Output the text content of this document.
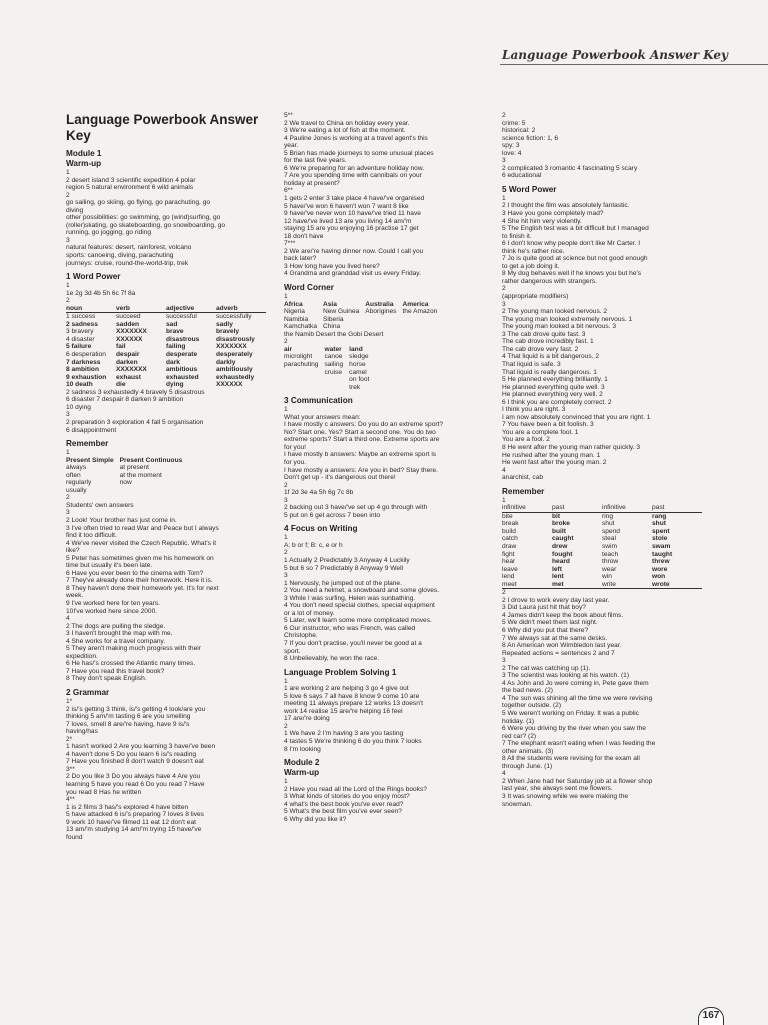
Language Powerbook Answer Key
Language Powerbook Answer Key
Module 1
Warm-up
1
2 desert island 3 scientific expedition 4 polar
region 5 natural environment 6 wild animals
2
go sailing, go skiing, go flying, go parachuting, go
diving
other possibilities: go swimming, go (wind)surfing, go
(roller)skating, go skateboarding, go snowboarding, go
running, go jogging, go riding
3
natural features: desert, rainforest, volcano
sports: canoeing, diving, parachuting
journeys: cruise, round-the-world-trip, trek
1 Word Power
1
1e 2g 3d 4b 5h 6c 7f 8a
2
noun	verb	adjective	adverb
1 success	succeed	successful	successfully
2 sadness	sadden	sad	sadly
3 bravery	XXXXXXX	brave	bravely
4 disaster	XXXXXX	disastrous	disastrously
5 failure	fail	failing	XXXXXXX
6 desperation	despair	desperate	desperately
7 darkness	darken	dark	darkly
8 ambition	XXXXXXX	ambitious	ambitiously
9 exhaustion	exhaust	exhausted	exhaustedly
10 death	die	dying	XXXXXX
2 sadness 3 exhaustedly 4 bravely 5 disastrous
6 disaster 7 despair 8 darken 9 ambition
10 dying
3
2 preparation 3 exploration 4 fall 5 organisation
6 disappointment
Remember
1
Present Simple	Present Continuous
always	at present
often	at the moment
regularly	now
usually	
2
Students' own answers
3
2 Look! Your brother has just come in.
3 I've often tried to read War and Peace but I always
find it too difficult.
4 We've never visited the Czech Republic. What's it
like?
5 Peter has sometimes given me his homework on
time but usually it's been late.
6 Have you ever been to the cinema with Tom?
7 They've already done their homework. Here it is.
8 They haven't done their homework yet. It's for next
week.
9 I've worked here for ten years.
10I've worked here since 2000.
4
2 The dogs are pulling the sledge.
3 I haven't brought the map with me.
4 She works for a travel company.
5 They aren't making much progress with their
expedition.
6 He has/'s crossed the Atlantic many times.
7 Have you read this travel book?
8 They don't speak English.
2 Grammar
1*
2 is/'s getting 3 think, is/'s getting 4 look/are you
thinking 5 am/'m tasting 6 are you smelling
7 loves, smell 8 are/'re having, have 9 is/'s
having/has
2*
1 hasn't worked 2 Are you learning 3 have/'ve been
4 haven't done 5 Do you learn 6 is/'s reading
7 Have you finished 8 don't watch 9 doesn't eat
3**
2 Do you like 3 Do you always have 4 Are you
learning 5 have you read 6 Do you read 7 Have
you read 8 Has he written
4**
1 is 2 films 3 has/'s explored 4 have bitten
5 have attacked 6 is/'s preparing 7 loves 8 lives
9 work 10 have/'ve filmed 11 eat 12 don't eat
13 am/'m studying 14 am/'m trying 15 have/'ve
found
5**
2 We travel to China on holiday every year.
3 We're eating a lot of fish at the moment.
4 Pauline Jones is working at a travel agent's this
year.
5 Brian has made journeys to some unusual places
for the last five years.
6 We're preparing for an adventure holiday now.
7 Are you spending time with cannibals on your
holiday at present?
6**
1 gets 2 enter 3 take place 4 have/'ve organised
5 have/'ve won 6 haven't won 7 want 8 like
9 have/'ve never won 10 have/'ve tried 11 have
12 have/'ve lived 13 are you living 14 am/'m
staying 15 are you enjoying 16 practise 17 get
18 don't have
7***
2 We are/'re having dinner now. Could I call you
back later?
3 How long have you lived here?
4 Grandma and granddad visit us every Friday.
Word Corner
1
Africa	Asia	Australia	America
Nigeria	New Guinea	Aborigines	the Amazon
Namibia	Siberia		
Kamchatka	China		
the Namib Desert the Gobi Desert
2
air	water	land
microlight	canoe	sledge
parachuting	sailing	horse
	cruise	camel
		on foot
		trek
3 Communication
1
What your answers mean:
I have mostly c answers: Do you do an extreme sport?
No? Start one. Yes? Start a second one. You do two
extreme sports? Start a third one. Extreme sports are
for you!
I have mostly b answers: Maybe an extreme sport is
for you.
I have mostly a answers: Are you in bed? Stay there.
Don't get up - it's dangerous out there!
2
1f 2d 3e 4a 5h 6g 7c 8b
3
2 backing out 3 have/'ve set up 4 go through with
5 put on 6 get across 7 been into
4 Focus on Writing
1
A: b or f; B: c, e or h
2
1 Actually 2 Predictably 3 Anyway 4 Luckily
5 but 6 so 7 Predictably 8 Anyway 9 Well
3
1 Nervously, he jumped out of the plane.
2 You need a helmet, a snowboard and some gloves.
3 While I was surfing, Helen was sunbathing.
4 You don't need special clothes, special equipment
or a lot of money.
5 Later, we'll learn some more complicated moves.
6 Our instructor, who was French, was called
Christophe.
7 If you don't practise, you'll never be good at a
sport.
8 Unbelievably, he won the race.
Language Problem Solving 1
1
1 are working 2 are helping 3 go 4 give out
5 love 6 says 7 all have 8 know 9 come 10 are
meeting 11 always prepare 12 works 13 doesn't
work 14 realise 15 are/'re helping 16 feel
17 are/'re doing
2
1 We have 2 I'm having 3 are you tasting
4 tastes 5 We're thinking 6 do you think 7 looks
8 I'm looking
Module 2
Warm-up
1
2 Have you read all the Lord of the Rings books?
3 What kinds of stories do you enjoy most?
4 what's the best book you've ever read?
5 What's the best film you've ever seen?
6 Why did you like it?
2
crime: 5
historical: 2
science fiction: 1, 6
spy: 3
love: 4
3
2 complicated 3 romantic 4 fascinating 5 scary
6 educational
5 Word Power
1
2 I thought the film was absolutely fantastic.
3 Have you gone completely mad?
4 She hit him very violently.
5 The English test was a bit difficult but I managed
to finish it.
6 I don't know why people don't like Mr Carter. I
think he's rather nice.
7 Jo is quite good at science but not good enough
to get a job doing it.
8 My dog behaves well if he knows you but he's
rather dangerous with strangers.
2
(appropriate modifiers)
3
2 The young man looked nervous. 2
The young man looked extremely nervous. 1
The young man looked a bit nervous. 3
3 The cab drove quite fast. 3
The cab drove incredibly fast. 1
The cab drove very fast. 2
4 That liquid is a bit dangerous. 2
That liquid is safe. 3
That liquid is really dangerous. 1
5 He planned everything brilliantly. 1
He planned everything quite well. 3
He planned everything very well. 2
6 I think you are completely correct. 2
I think you are right. 3
I am now absolutely convinced that you are right. 1
7 You have been a bit foolish. 3
You are a complete fool. 1
You are a fool. 2
8 He went after the young man rather quickly. 3
He rushed after the young man. 1
He went fast after the young man. 2
4
anarchist, cab
Remember
1
infinitive	past	infinitive	past
bite	bit	ring	rang
break	broke	shut	shut
build	built	spend	spent
catch	caught	steal	stole
draw	drew	swim	swam
fight	fought	teach	taught
hear	heard	throw	threw
leave	left	wear	wore
lend	lent	win	won
meet	met	write	wrote
2
2 I drove to work every day last year.
3 Did Laura just hit that boy?
4 James didn't keep the book about films.
5 We didn't meet them last night.
6 Why did you put that there?
7 We always sat at the same desks.
8 An American won Wimbledon last year.
Repeated actions = sentences 2 and 7
3
2 The cat was catching up (1).
3 The scientist was looking at his watch. (1)
4 As John and Jo were coming in, Pete gave them
the bad news. (2)
4 The sun was shining all the time we were revising
together outside. (2)
5 We weren't working on Friday. It was a public
holiday. (1)
6 Were you driving by the river when you saw the
red car? (2)
7 The elephant wasn't eating when I was feeding the
other animals. (3)
8 All the students were revising for the exam all
through June. (1)
4
2 When Jane had her Saturday job at a flower shop
last year, she always sent me flowers.
3 It was snowing while we were making the
snowman.
167
